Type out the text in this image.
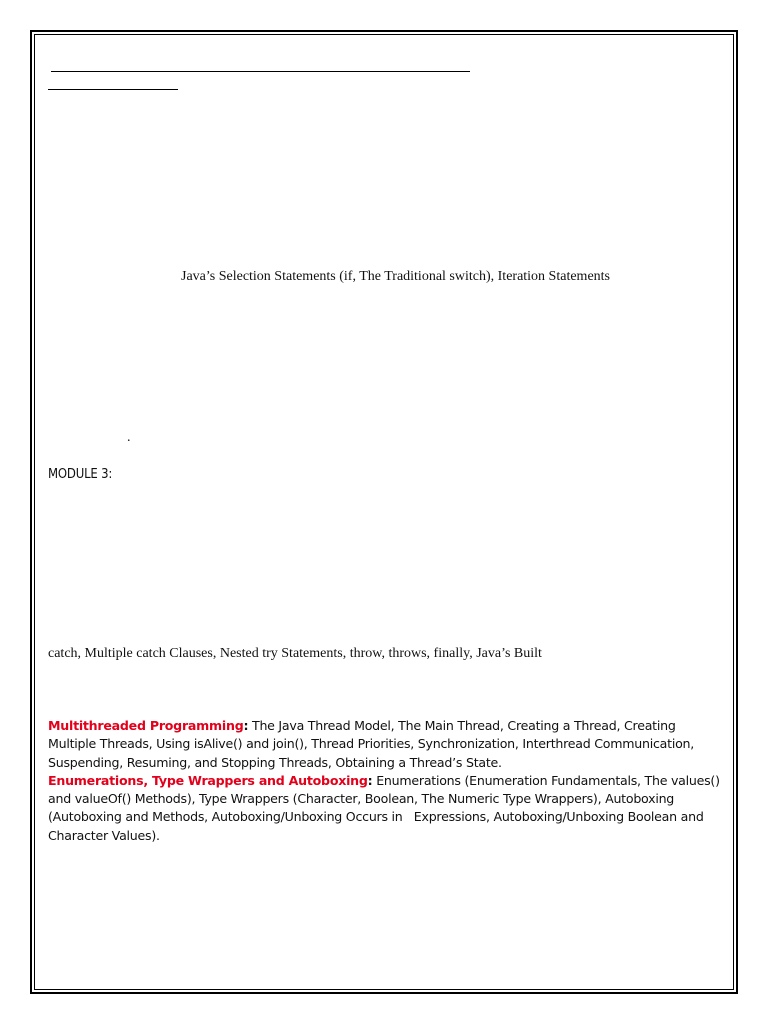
Java’s Selection Statements (if, The Traditional switch), Iteration Statements
.
MODULE 3:
catch, Multiple catch Clauses, Nested try Statements, throw, throws, finally, Java’s Built
Multithreaded Programming: The Java Thread Model, The Main Thread, Creating a Thread, Creating Multiple Threads, Using isAlive() and join(), Thread Priorities, Synchronization, Interthread Communication, Suspending, Resuming, and Stopping Threads, Obtaining a Thread’s State.
Enumerations, Type Wrappers and Autoboxing: Enumerations (Enumeration Fundamentals, The values() and valueOf() Methods), Type Wrappers (Character, Boolean, The Numeric Type Wrappers), Autoboxing (Autoboxing and Methods, Autoboxing/Unboxing Occurs in   Expressions, Autoboxing/Unboxing Boolean and Character Values).
